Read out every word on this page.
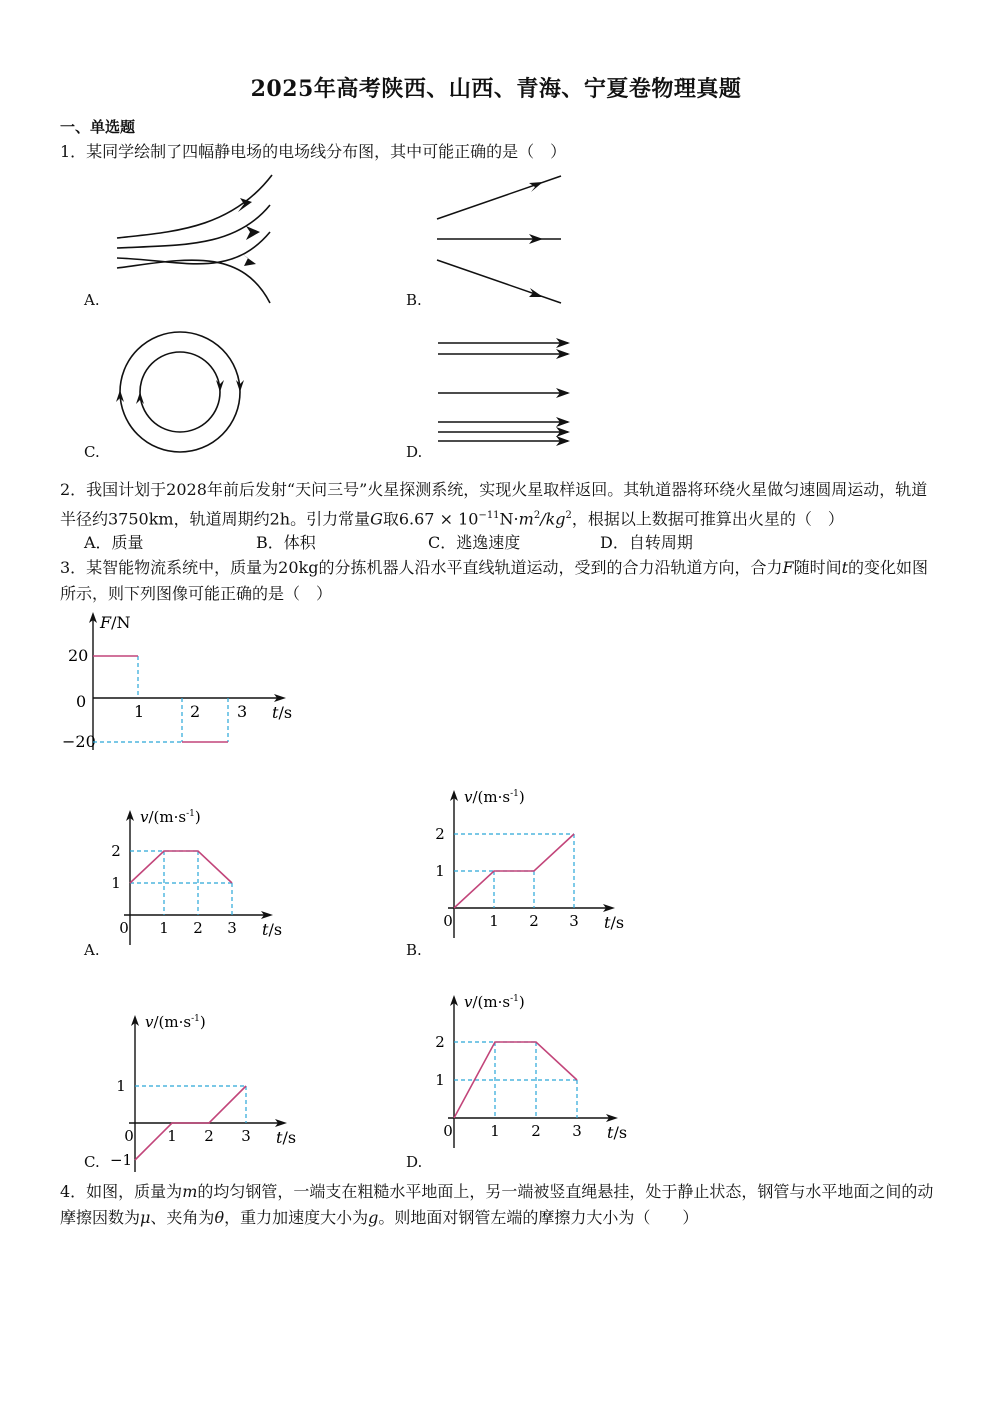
2025年高考陕西、山西、青海、宁夏卷物理真题
一、单选题
1．某同学绘制了四幅静电场的电场线分布图，其中可能正确的是（　）
A.	B.
C.	D.
2．我国计划于2028年前后发射“天问三号”火星探测系统，实现火星取样返回。其轨道器将环绕火星做匀速圆周运动，轨道半径约3750km，轨道周期约2h。引力常量G取$6.67 \times 10^{-11}N\cdot m^2/kg^2$，根据以上数据可推算出火星的（　）
A．质量	B．体积	C．逃逸速度	D．自转周期
3．某智能物流系统中，质量为20kg的分拣机器人沿水平直线轨道运动，受到的合力沿轨道方向，合力F随时间t的变化如图所示，则下列图像可能正确的是（　）
F/N
20
0
−20
1	2 3 t/s
$v/(m\cdot s^{-1})$
2
1
0 1 2 3 t/s
A.
$v/(m\cdot s^{-1})$
2
1
0 1 2 3 t/s
B.
$v/(m\cdot s^{-1})$
1
−1
0 1 2 3 t/s
C.
$v/(m\cdot s^{-1})$
2
1
0 1 2 3 t/s
D.
4．如图，质量为m的均匀钢管，一端支在粗糙水平地面上，另一端被竖直绳悬挂，处于静止状态，钢管与水平地面之间的动摩擦因数为μ、夹角为θ，重力加速度大小为g。则地面对钢管左端的摩擦力大小为（　　）
